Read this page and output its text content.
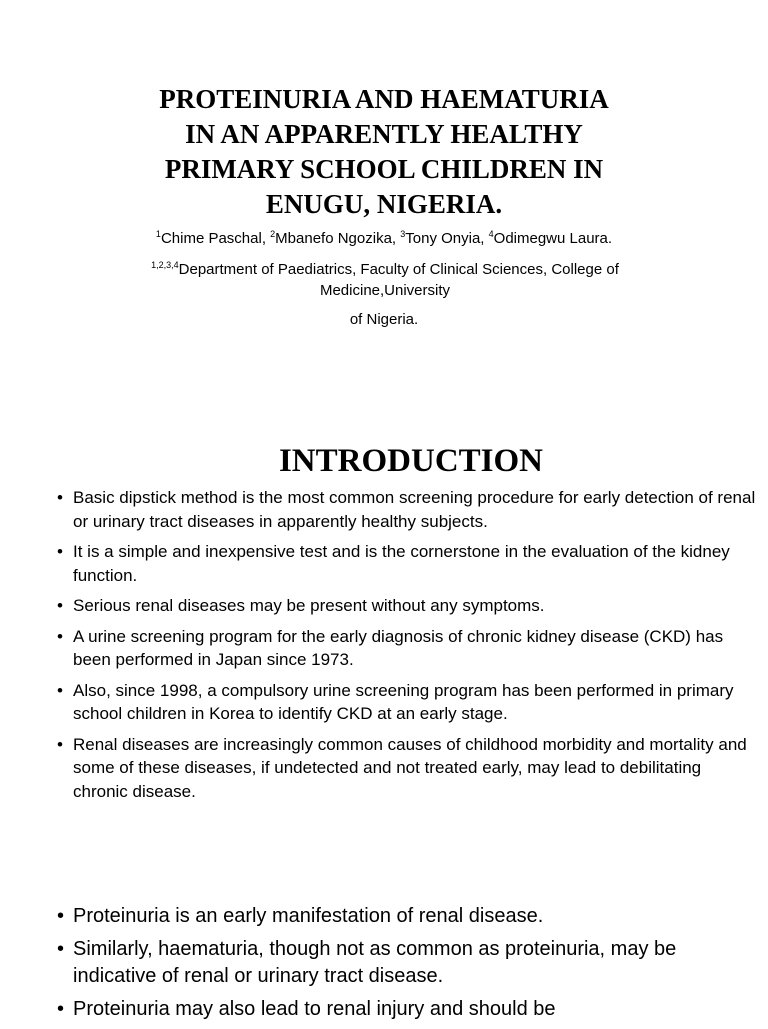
PROTEINURIA AND HAEMATURIA
IN AN APPARENTLY HEALTHY
PRIMARY SCHOOL CHILDREN IN
ENUGU, NIGERIA.

$^1$Chime Paschal, $^2$Mbanefo Ngozika, $^3$Tony Onyia, $^4$Odimegwu Laura.

$^{1,2,3,4}$Department of Paediatrics, Faculty of Clinical Sciences, College of Medicine,University

of Nigeria.

INTRODUCTION
• Basic dipstick method is the most common screening procedure for early detection of renal or urinary tract diseases in apparently healthy subjects.
• It is a simple and inexpensive test and is the cornerstone in the evaluation of the kidney function.
• Serious renal diseases may be present without any symptoms.
• A urine screening program for the early diagnosis of chronic kidney disease (CKD) has been performed in Japan since 1973.
• Also, since 1998, a compulsory urine screening program has been performed in primary school children in Korea to identify CKD at an early stage.
• Renal diseases are increasingly common causes of childhood morbidity and mortality and some of these diseases, if undetected and not treated early, may lead to debilitating chronic disease.
• Proteinuria is an early manifestation of renal disease.
• Similarly, haematuria, though not as common as proteinuria, may be indicative of renal or urinary tract disease.
• Proteinuria may also lead to renal injury and should be
